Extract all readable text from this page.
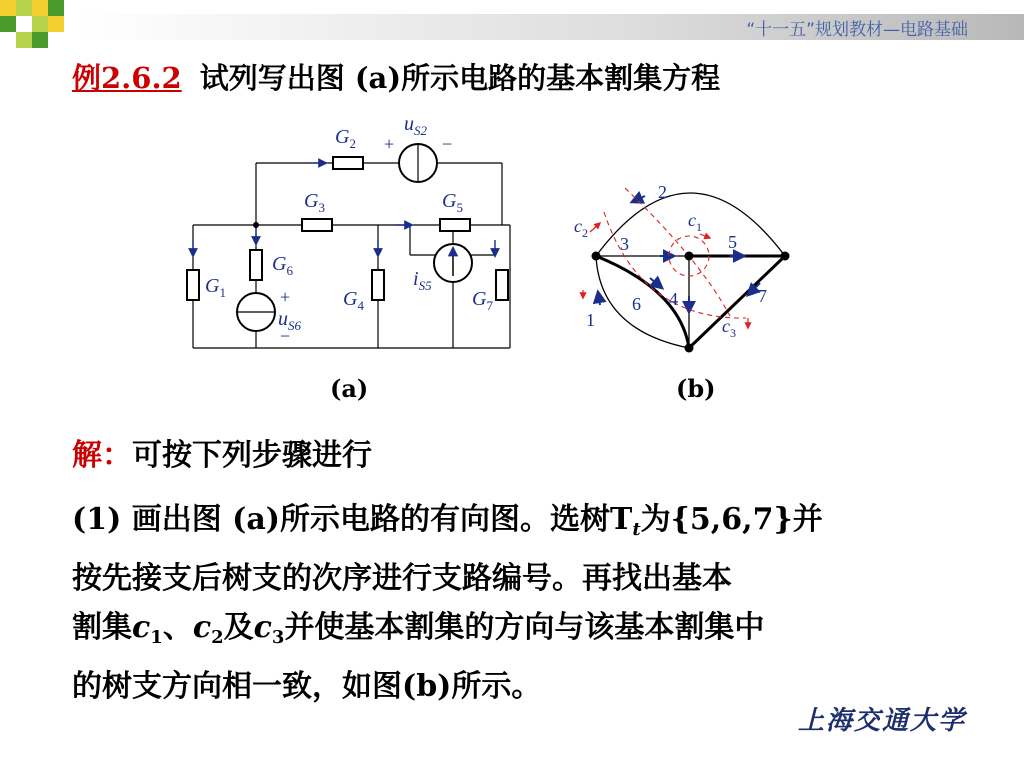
“十一五”规划教材—电路基础
例2.6.2 试列写出图 (a)所示电路的基本割集方程
$G_1$
$G_2$
$G_3$
$G_4$
$G_5$
$G_6$
$G_7$
$u_{S2}$
$u_{S6}$
$i_{S5}$
+	−
+
−
1
2
3
4
5
6	7
$c_1$
$c_2$
$c_3$
(a)	(b)
解：可按下列步骤进行

(1) 画出图 (a)所示电路的有向图。选树$T_t$为{5,6,7}并

按先接支后树支的次序进行支路编号。再找出基本

割集$c_1$、$c_2$及$c_3$并使基本割集的方向与该基本割集中

的树支方向相一致，如图(b)所示。

上海交通大学
